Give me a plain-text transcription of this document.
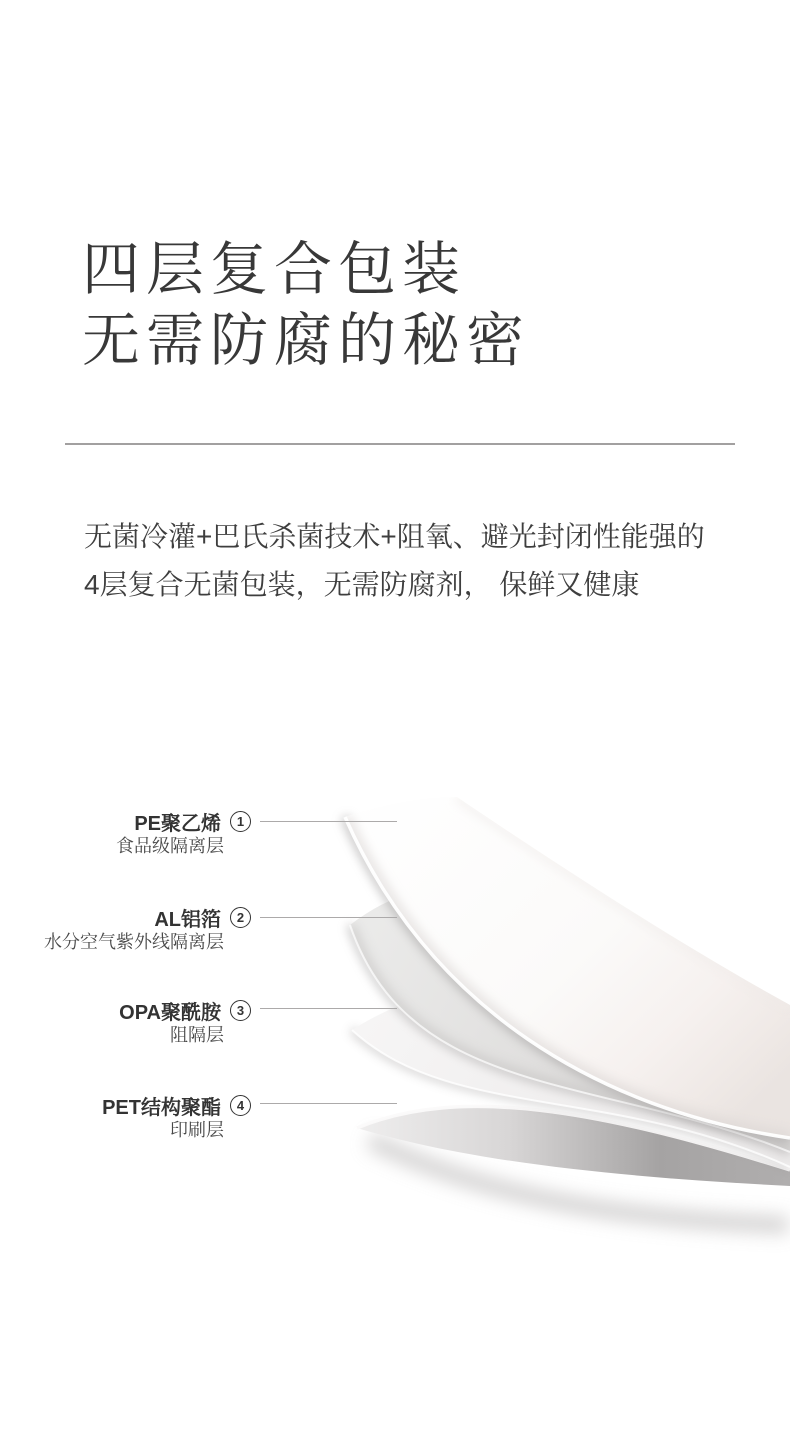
四层复合包装
无需防腐的秘密

无菌冷灌+巴氏杀菌技术+阻氧、避光封闭性能强的
4层复合无菌包装，无需防腐剂， 保鲜又健康

PE聚乙烯	1
食品级隔离层
AL铝箔	2
水分空气紫外线隔离层
OPA聚酰胺	3
阻隔层
PET结构聚酯	4
印刷层
